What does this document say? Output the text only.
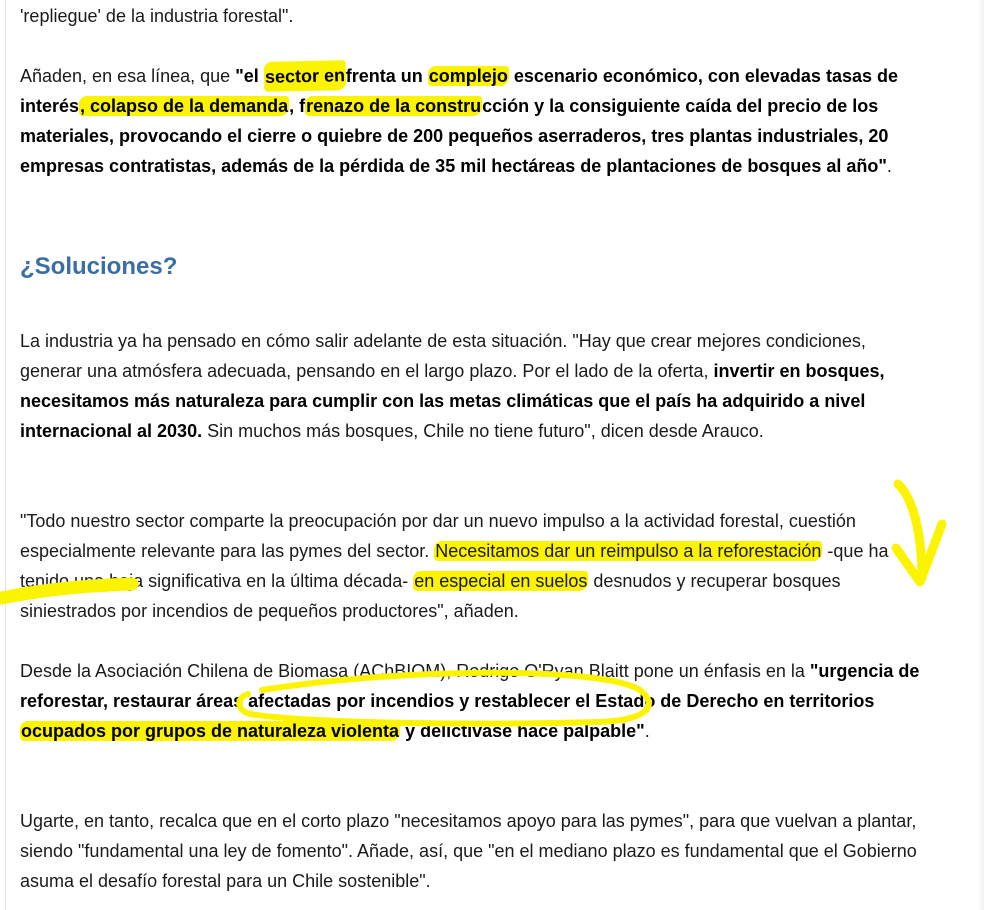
'repliegue' de la industria forestal".

Añaden, en esa línea, que "el sector enfrenta un complejo escenario económico, con elevadas tasas de interés, colapso de la demanda, frenazo de la construcción y la consiguiente caída del precio de los materiales, provocando el cierre o quiebre de 200 pequeños aserraderos, tres plantas industriales, 20 empresas contratistas, además de la pérdida de 35 mil hectáreas de plantaciones de bosques al año".

¿Soluciones?

La industria ya ha pensado en cómo salir adelante de esta situación. "Hay que crear mejores condiciones, generar una atmósfera adecuada, pensando en el largo plazo. Por el lado de la oferta, invertir en bosques, necesitamos más naturaleza para cumplir con las metas climáticas que el país ha adquirido a nivel internacional al 2030. Sin muchos más bosques, Chile no tiene futuro", dicen desde Arauco.

"Todo nuestro sector comparte la preocupación por dar un nuevo impulso a la actividad forestal, cuestión especialmente relevante para las pymes del sector. Necesitamos dar un reimpulso a la reforestación -que ha tenido una baja significativa en la última década- en especial en suelos desnudos y recuperar bosques siniestrados por incendios de pequeños productores", añaden.

Desde la Asociación Chilena de Biomasa (AChBIOM), Rodrigo O'Ryan Blaitt pone un énfasis en la "urgencia de reforestar, restaurar áreas afectadas por incendios y restablecer el Estado de Derecho en territorios ocupados por grupos de naturaleza violenta y delictivase hace palpable".

Ugarte, en tanto, recalca que en el corto plazo "necesitamos apoyo para las pymes", para que vuelvan a plantar, siendo "fundamental una ley de fomento". Añade, así, que "en el mediano plazo es fundamental que el Gobierno asuma el desafío forestal para un Chile sostenible".
